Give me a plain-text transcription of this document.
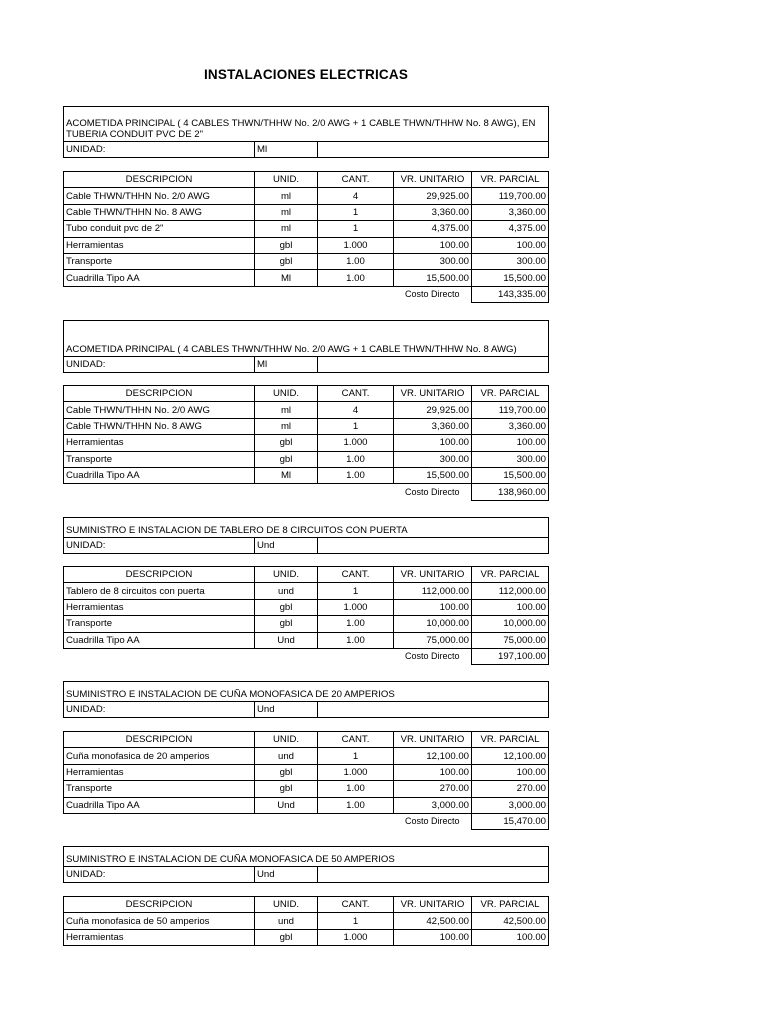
INSTALACIONES ELECTRICAS
ACOMETIDA PRINCIPAL ( 4 CABLES THWN/THHW No. 2/0 AWG + 1 CABLE THWN/THHW No. 8 AWG), EN TUBERIA CONDUIT PVC DE 2"
UNIDAD:	Ml	
DESCRIPCION	UNID.	CANT.	VR. UNITARIO	VR. PARCIAL
Cable THWN/THHN No. 2/0 AWG	ml	4	29,925.00	119,700.00
Cable THWN/THHN No. 8 AWG	ml	1	3,360.00	3,360.00
Tubo conduit pvc de 2"	ml	1	4,375.00	4,375.00
Herramientas	gbl	1.000	100.00	100.00
Transporte	gbl	1.00	300.00	300.00
Cuadrilla Tipo AA	Ml	1.00	15,500.00	15,500.00
			Costo Directo	143,335.00
ACOMETIDA PRINCIPAL ( 4 CABLES THWN/THHW No. 2/0 AWG + 1 CABLE THWN/THHW No. 8 AWG)
UNIDAD:	Ml	
DESCRIPCION	UNID.	CANT.	VR. UNITARIO	VR. PARCIAL
Cable THWN/THHN No. 2/0 AWG	ml	4	29,925.00	119,700.00
Cable THWN/THHN No. 8 AWG	ml	1	3,360.00	3,360.00
Herramientas	gbl	1.000	100.00	100.00
Transporte	gbl	1.00	300.00	300.00
Cuadrilla Tipo AA	Ml	1.00	15,500.00	15,500.00
			Costo Directo	138,960.00
SUMINISTRO E INSTALACION DE TABLERO DE 8 CIRCUITOS CON PUERTA
UNIDAD:	Und	
DESCRIPCION	UNID.	CANT.	VR. UNITARIO	VR. PARCIAL
Tablero de 8 circuitos con puerta	und	1	112,000.00	112,000.00
Herramientas	gbl	1.000	100.00	100.00
Transporte	gbl	1.00	10,000.00	10,000.00
Cuadrilla Tipo AA	Und	1.00	75,000.00	75,000.00
			Costo Directo	197,100.00
SUMINISTRO E INSTALACION DE CUÑA MONOFASICA DE 20 AMPERIOS
UNIDAD:	Und	
DESCRIPCION	UNID.	CANT.	VR. UNITARIO	VR. PARCIAL
Cuña monofasica de 20 amperios	und	1	12,100.00	12,100.00
Herramientas	gbl	1.000	100.00	100.00
Transporte	gbl	1.00	270.00	270.00
Cuadrilla Tipo AA	Und	1.00	3,000.00	3,000.00
			Costo Directo	15,470.00
SUMINISTRO E INSTALACION DE CUÑA MONOFASICA DE 50 AMPERIOS
UNIDAD:	Und	
DESCRIPCION	UNID.	CANT.	VR. UNITARIO	VR. PARCIAL
Cuña monofasica de 50 amperios	und	1	42,500.00	42,500.00
Herramientas	gbl	1.000	100.00	100.00
